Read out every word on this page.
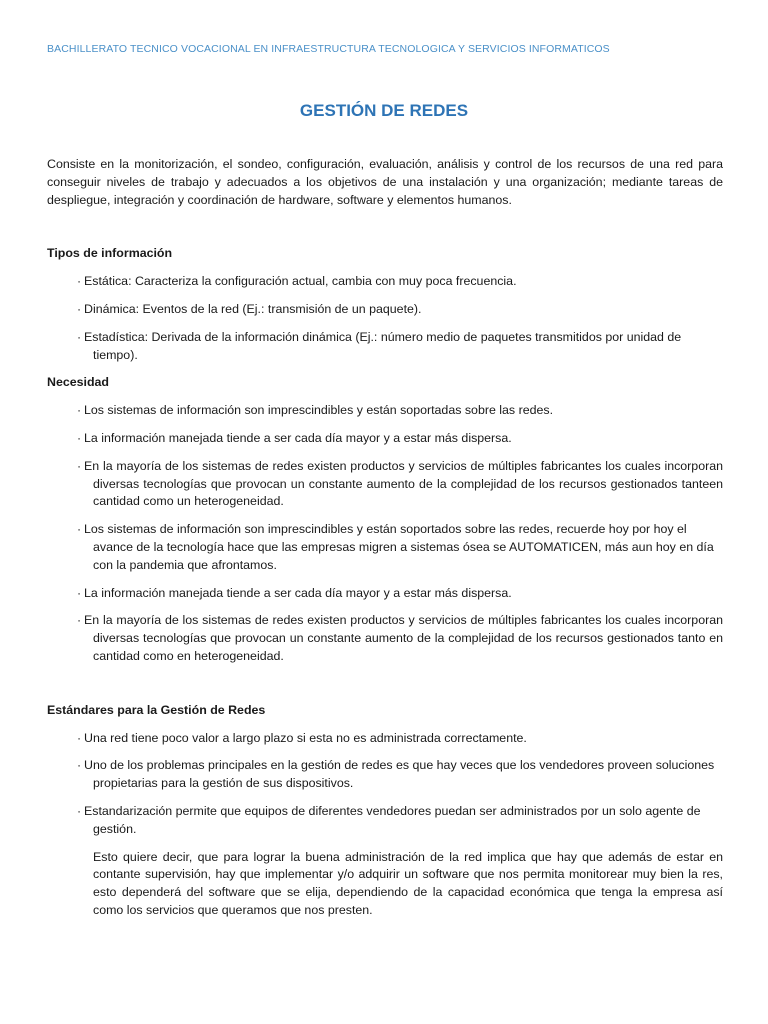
BACHILLERATO TECNICO VOCACIONAL EN INFRAESTRUCTURA TECNOLOGICA Y SERVICIOS INFORMATICOS
GESTIÓN DE REDES

Consiste en la monitorización, el sondeo, configuración, evaluación, análisis y control de los recursos de una red para conseguir niveles de trabajo y adecuados a los objetivos de una instalación y una organización; mediante tareas de despliegue, integración y coordinación de hardware, software y elementos humanos.

Tipos de información

· Estática: Caracteriza la configuración actual, cambia con muy poca frecuencia.

· Dinámica: Eventos de la red (Ej.: transmisión de un paquete).

· Estadística: Derivada de la información dinámica (Ej.: número medio de paquetes transmitidos por unidad de tiempo).

Necesidad

· Los sistemas de información son imprescindibles y están soportadas sobre las redes.

· La información manejada tiende a ser cada día mayor y a estar más dispersa.

· En la mayoría de los sistemas de redes existen productos y servicios de múltiples fabricantes los cuales incorporan diversas tecnologías que provocan un constante aumento de la complejidad de los recursos gestionados tanteen cantidad como un heterogeneidad.

· Los sistemas de información son imprescindibles y están soportados sobre las redes, recuerde hoy por hoy el avance de la tecnología hace que las empresas migren a sistemas ósea se AUTOMATICEN, más aun hoy en día con la pandemia que afrontamos.

· La información manejada tiende a ser cada día mayor y a estar más dispersa.

· En la mayoría de los sistemas de redes existen productos y servicios de múltiples fabricantes los cuales incorporan diversas tecnologías que provocan un constante aumento de la complejidad de los recursos gestionados tanto en cantidad como en heterogeneidad.

Estándares para la Gestión de Redes

· Una red tiene poco valor a largo plazo si esta no es administrada correctamente.

· Uno de los problemas principales en la gestión de redes es que hay veces que los vendedores proveen soluciones propietarias para la gestión de sus dispositivos.

· Estandarización permite que equipos de diferentes vendedores puedan ser administrados por un solo agente de gestión.

Esto quiere decir, que para lograr la buena administración de la red implica que hay que además de estar en contante supervisión, hay que implementar y/o adquirir un software que nos permita monitorear muy bien la res, esto dependerá del software que se elija, dependiendo de la capacidad económica que tenga la empresa así como los servicios que queramos que nos presten.
